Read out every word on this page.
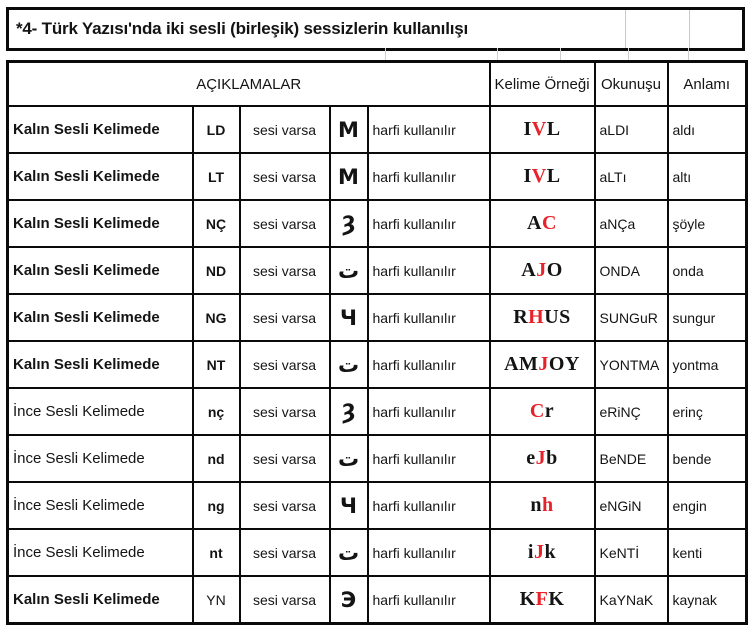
*4- Türk Yazısı'nda iki sesli (birleşik) sessizlerin kullanılışı
AÇIKLAMALAR					Kelime Örneği	Okunuşu	Anlamı
Kalın Sesli Kelimede	LD	sesi varsa	M	harfi kullanılır	IVL	aLDI	aldı
Kalın Sesli Kelimede	LT	sesi varsa	M	harfi kullanılır	IVL	aLTı	altı
Kalın Sesli Kelimede	NÇ	sesi varsa	Ȝ	harfi kullanılır	AC	aNÇa	şöyle
Kalın Sesli Kelimede	ND	sesi varsa	ت	harfi kullanılır	AJO	ONDA	onda
Kalın Sesli Kelimede	NG	sesi varsa	Ч	harfi kullanılır	RHUS	SUNGuR	sungur
Kalın Sesli Kelimede	NT	sesi varsa	ت	harfi kullanılır	AMJOY	YONTMA	yontma
İnce Sesli Kelimede	nç	sesi varsa	Ȝ	harfi kullanılır	Cr	eRiNÇ	erinç
İnce Sesli Kelimede	nd	sesi varsa	ت	harfi kullanılır	eJb	BeNDE	bende
İnce Sesli Kelimede	ng	sesi varsa	Ч	harfi kullanılır	nh	eNGiN	engin
İnce Sesli Kelimede	nt	sesi varsa	ت	harfi kullanılır	iJk	KeNTİ	kenti
Kalın Sesli Kelimede	YN	sesi varsa	Э	harfi kullanılır	KFK	KaYNaK	kaynak
